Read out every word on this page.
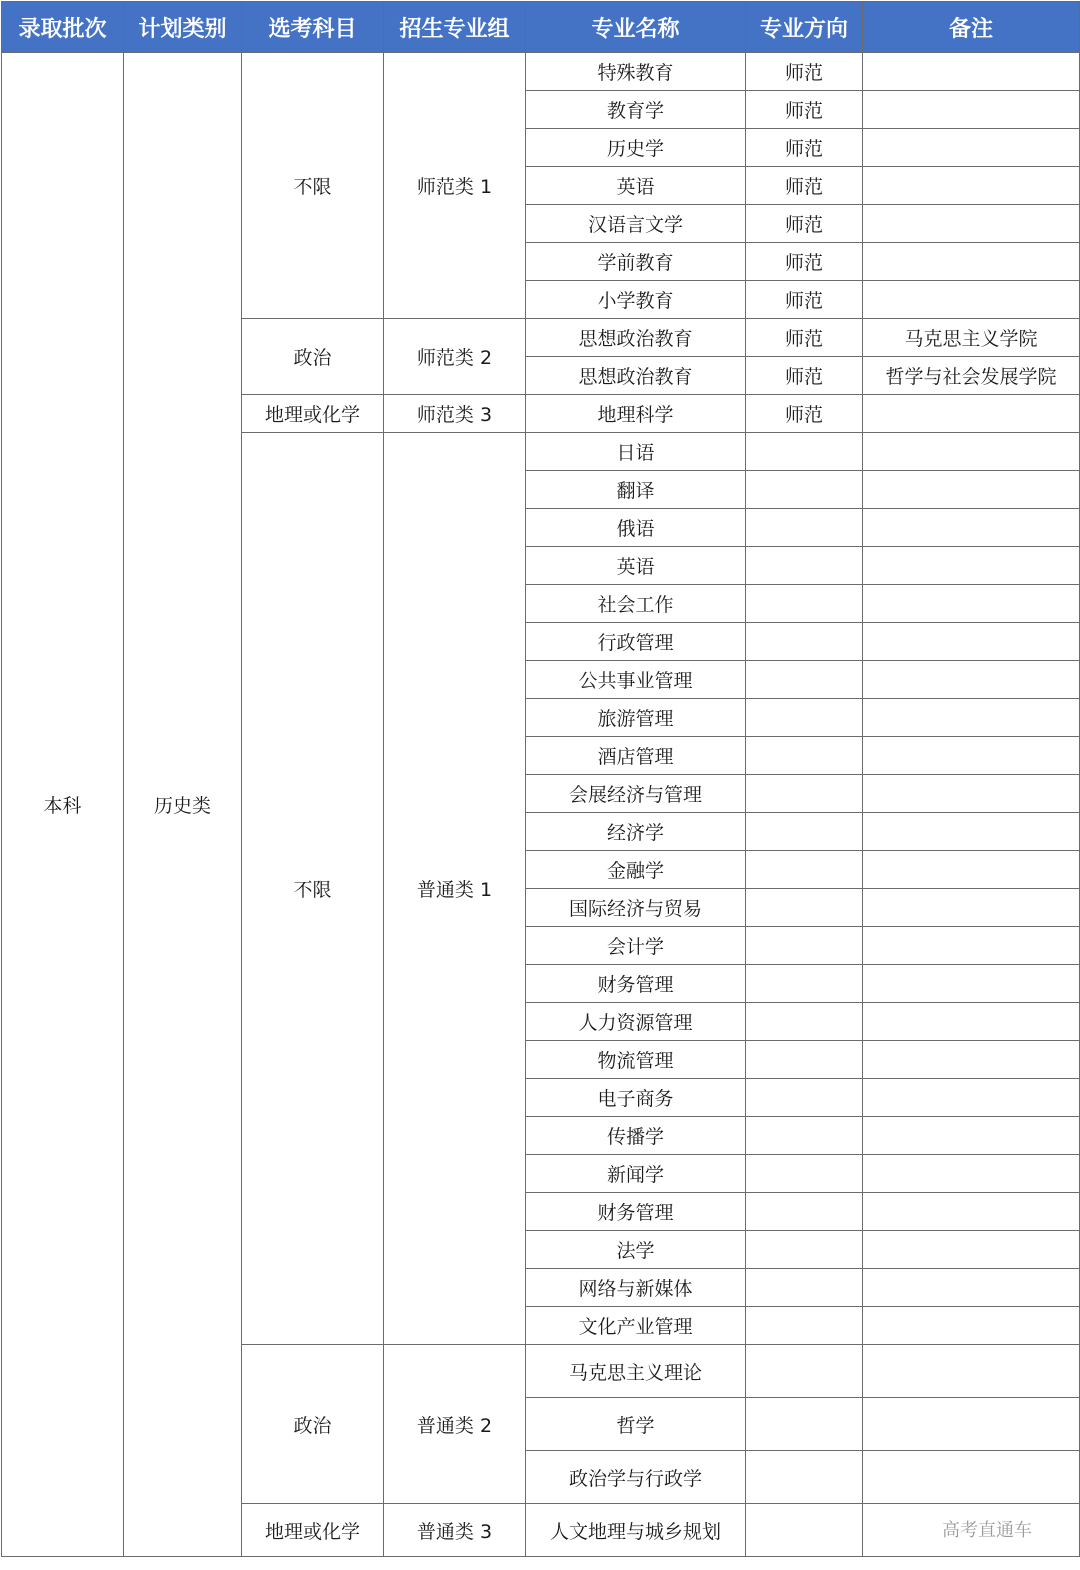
录取批次	计划类别	选考科目	招生专业组	专业名称	专业方向	备注
本科	历史类	不限	师范类 1	特殊教育	师范	
				教育学	师范	
				历史学	师范	
				英语	师范	
				汉语言文学	师范	
				学前教育	师范	
				小学教育	师范	
		政治	师范类 2	思想政治教育	师范	马克思主义学院
				思想政治教育	师范	哲学与社会发展学院
		地理或化学	师范类 3	地理科学	师范	
		不限	普通类 1	日语		
				翻译		
				俄语		
				英语		
				社会工作		
				行政管理		
				公共事业管理		
				旅游管理		
				酒店管理		
				会展经济与管理		
				经济学		
				金融学		
				国际经济与贸易		
				会计学		
				财务管理		
				人力资源管理		
				物流管理		
				电子商务		
				传播学		
				新闻学		
				财务管理		
				法学		
				网络与新媒体		
				文化产业管理		
		政治	普通类 2	马克思主义理论		
				哲学		
				政治学与行政学		
		地理或化学	普通类 3	人文地理与城乡规划			高考直通车
